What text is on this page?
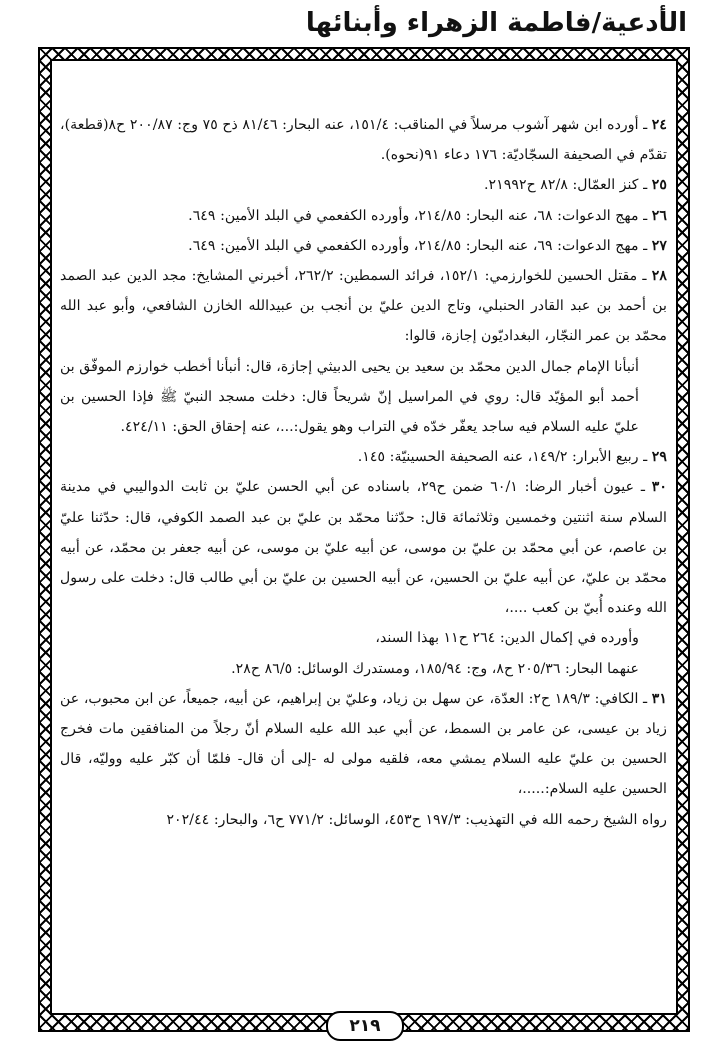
الأدعية/فاطمة الزهراء وأبنائها

٢٤ ـ أورده ابن شهر آشوب مرسلاً في المناقب: ١٥١/٤، عنه البحار: ٨١/٤٦ ذح ٧٥ وج: ٢٠٠/٨٧ ح٨(قطعة)، تقدّم في الصحيفة السجّاديّة: ١٧٦ دعاء ٩١(نحوه).

٢٥ ـ كنز العمّال: ٨٢/٨ ح٢١٩٩٢.

٢٦ ـ مهج الدعوات: ٦٨، عنه البحار: ٢١٤/٨٥، وأورده الكفعمي في البلد الأمين: ٦٤٩.

٢٧ ـ مهج الدعوات: ٦٩، عنه البحار: ٢١٤/٨٥، وأورده الكفعمي في البلد الأمين: ٦٤٩.

٢٨ ـ مقتل الحسين للخوارزمي: ١٥٢/١، فرائد السمطين: ٢٦٢/٢، أخبرني المشايخ: مجد الدين عبد الصمد بن أحمد بن عبد القادر الحنبلي، وتاج الدين عليّ بن أنجب بن عبيدالله الخازن الشافعي، وأبو عبد الله محمّد بن عمر النجّار، البغداديّون إجازة، قالوا:

أنبأنا الإمام جمال الدين محمّد بن سعيد بن يحيى الدبيثي إجازة، قال: أنبأنا أخطب خوارزم الموفّق بن أحمد أبو المؤيّد قال: روي في المراسيل إنّ شريحاً قال: دخلت مسجد النبيّ ﷺ فإذا الحسين بن عليّ عليه السلام فيه ساجد يعفّر خدّه في التراب وهو يقول:...، عنه إحقاق الحق: ٤٢٤/١١.

٢٩ ـ ربيع الأبرار: ١٤٩/٢، عنه الصحيفة الحسينيّة: ١٤٥.

٣٠ ـ عيون أخبار الرضا: ٦٠/١ ضمن ح٢٩، باسناده عن أبي الحسن عليّ بن ثابت الدواليبي في مدينة السلام سنة اثنتين وخمسين وثلاثمائة قال: حدّثنا محمّد بن عليّ بن عبد الصمد الكوفي، قال: حدّثنا عليّ بن عاصم، عن أبي محمّد بن عليّ بن موسى، عن أبيه عليّ بن موسى، عن أبيه جعفر بن محمّد، عن أبيه محمّد بن عليّ، عن أبيه عليّ بن الحسين، عن أبيه الحسين بن عليّ بن أبي طالب قال: دخلت على رسول الله وعنده أُبيّ بن كعب ....،

وأورده في إكمال الدين: ٢٦٤ ح١١ بهذا السند،

عنهما البحار: ٢٠٥/٣٦ ح٨، وج: ١٨٥/٩٤، ومستدرك الوسائل: ٨٦/٥ ح٢٨.

٣١ ـ الكافي: ١٨٩/٣ ح٢: العدّة، عن سهل بن زياد، وعليّ بن إبراهيم، عن أبيه، جميعاً، عن ابن محبوب، عن زياد بن عيسى، عن عامر بن السمط، عن أبي عبد الله عليه السلام أنّ رجلاً من المنافقين مات فخرج الحسين بن عليّ عليه السلام يمشي معه، فلقيه مولى له -إلى أن قال- فلمّا أن كبّر عليه ووليّه، قال الحسين عليه السلام:.....،

رواه الشيخ رحمه الله في التهذيب: ١٩٧/٣ ح٤٥٣، الوسائل: ٧٧١/٢ ح٦، والبحار: ٢٠٢/٤٤

٢١٩
